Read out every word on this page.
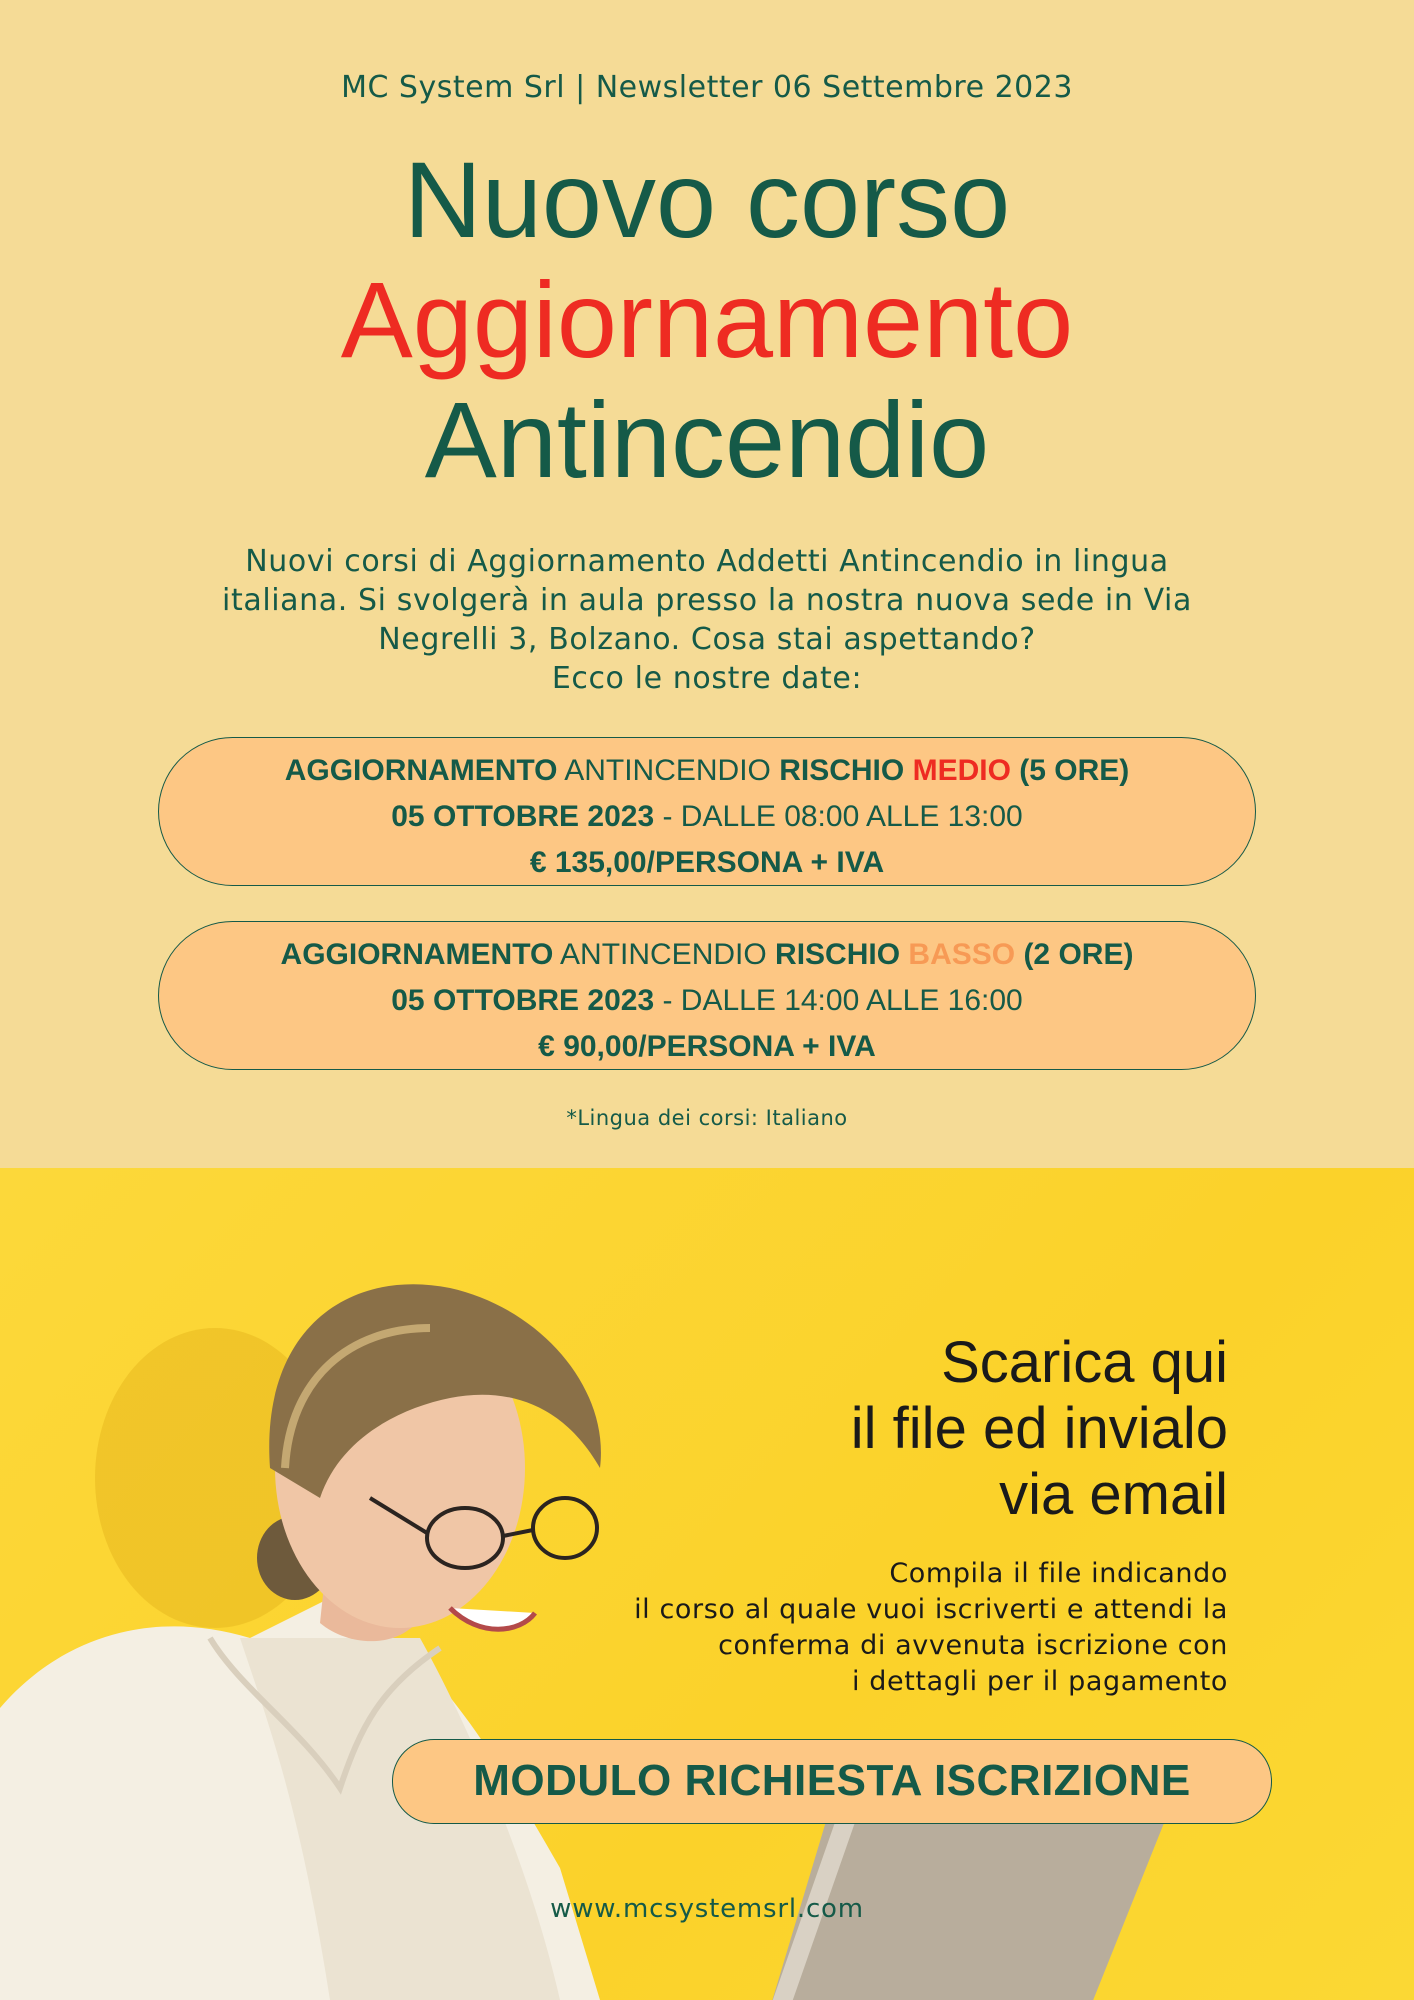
MC System Srl | Newsletter 06 Settembre 2023
Nuovo corso
Aggiornamento
Antincendio
Nuovi corsi di Aggiornamento Addetti Antincendio in lingua
italiana. Si svolgerà in aula presso la nostra nuova sede in Via
Negrelli 3, Bolzano. Cosa stai aspettando?
Ecco le nostre date:
AGGIORNAMENTO ANTINCENDIO RISCHIO MEDIO (5 ORE)
05 OTTOBRE 2023 - DALLE 08:00 ALLE 13:00
€ 135,00/PERSONA + IVA
AGGIORNAMENTO ANTINCENDIO RISCHIO BASSO (2 ORE)
05 OTTOBRE 2023 - DALLE 14:00 ALLE 16:00
€ 90,00/PERSONA + IVA
*Lingua dei corsi: Italiano
Scarica qui
il file ed invialo
via email
Compila il file indicando
il corso al quale vuoi iscriverti e attendi la
conferma di avvenuta iscrizione con
i dettagli per il pagamento
MODULO RICHIESTA ISCRIZIONE
www.mcsystemsrl.com
